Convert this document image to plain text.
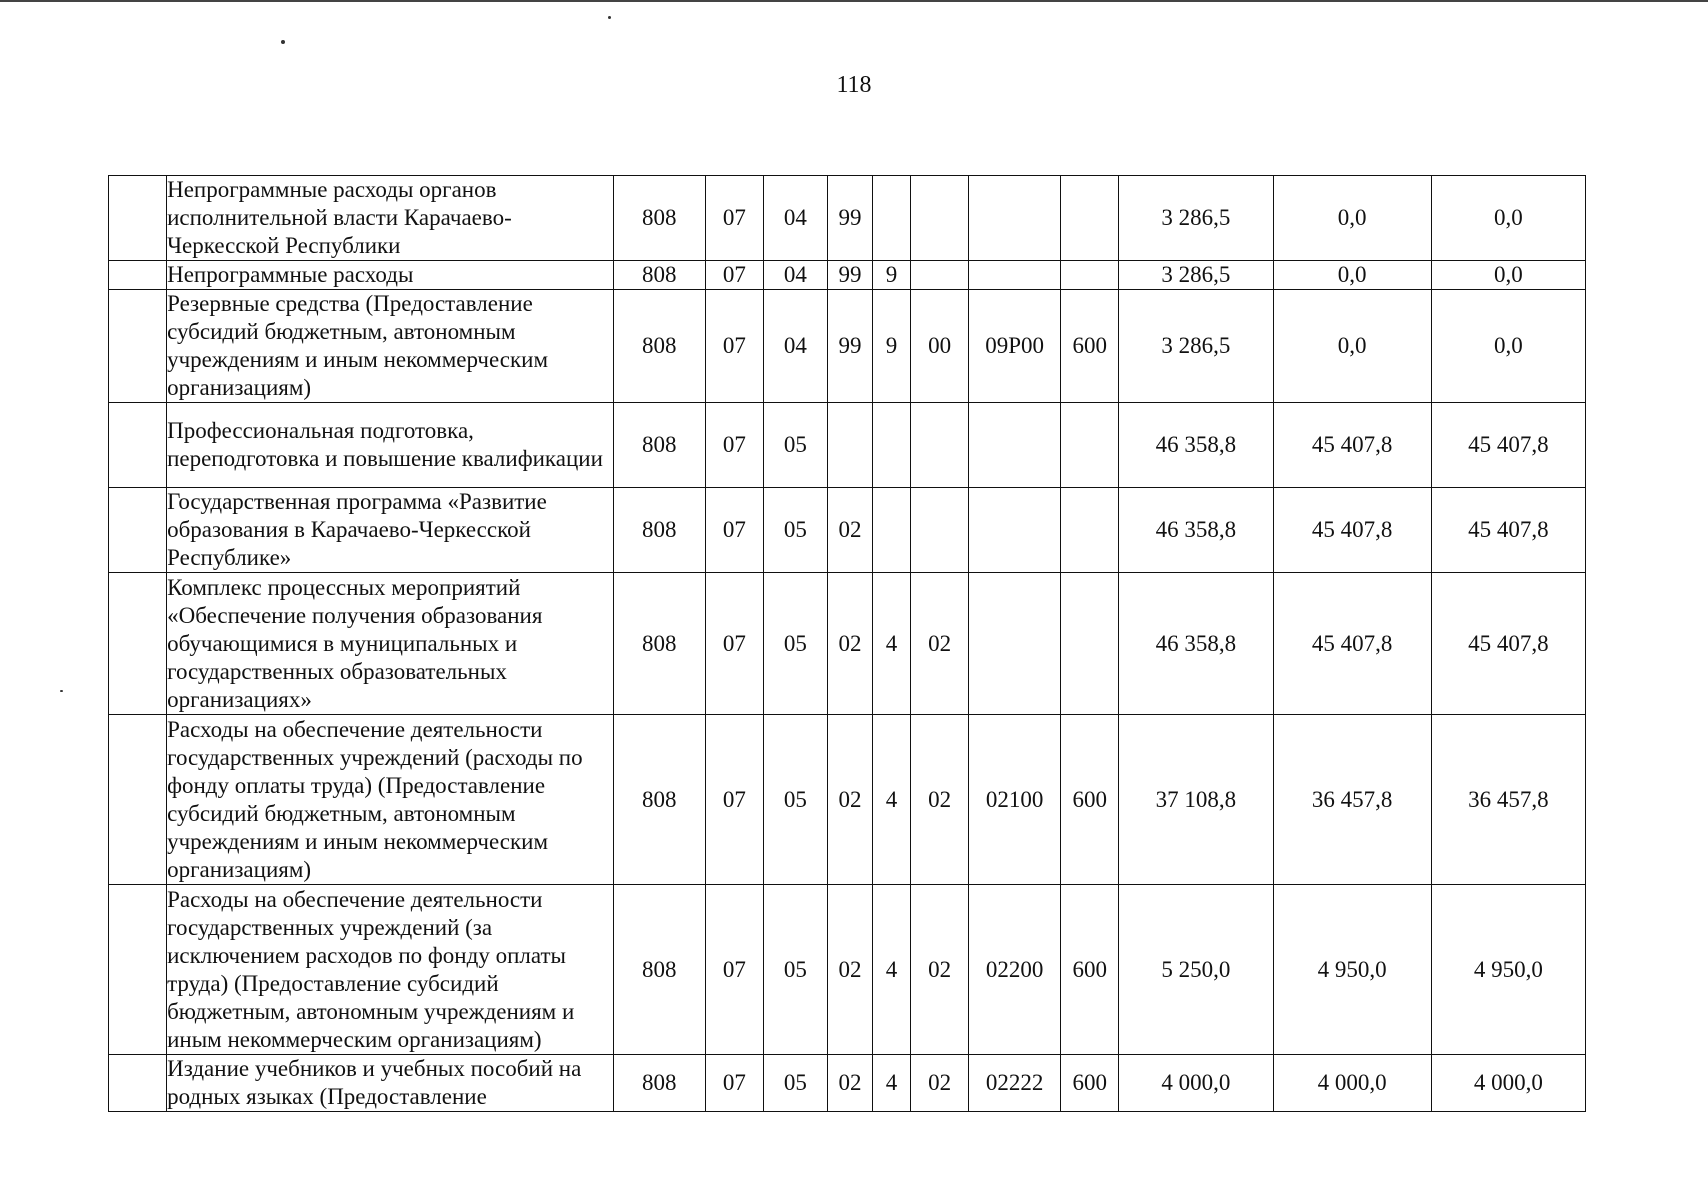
118
	Непрограммные расходы органов исполнительной власти Карачаево-Черкесской Республики	808	07	04	99					3 286,5	0,0	0,0
	Непрограммные расходы	808	07	04	99	9				3 286,5	0,0	0,0
	Резервные средства (Предоставление субсидий бюджетным, автономным учреждениям и иным некоммерческим организациям)	808	07	04	99	9	00	09Р00	600	3 286,5	0,0	0,0
	Профессиональная подготовка, переподготовка и повышение квалификации	808	07	05						46 358,8	45 407,8	45 407,8
	Государственная программа «Развитие образования в Карачаево-Черкесской Республике»	808	07	05	02					46 358,8	45 407,8	45 407,8
	Комплекс процессных мероприятий «Обеспечение получения образования обучающимися в муниципальных и государственных образовательных организациях»	808	07	05	02	4	02			46 358,8	45 407,8	45 407,8
	Расходы на обеспечение деятельности государственных учреждений (расходы по фонду оплаты труда) (Предоставление субсидий бюджетным, автономным учреждениям и иным некоммерческим организациям)	808	07	05	02	4	02	02100	600	37 108,8	36 457,8	36 457,8
	Расходы на обеспечение деятельности государственных учреждений (за исключением расходов по фонду оплаты труда) (Предоставление субсидий бюджетным, автономным учреждениям и иным некоммерческим организациям)	808	07	05	02	4	02	02200	600	5 250,0	4 950,0	4 950,0
	Издание учебников и учебных пособий на родных языках (Предоставление	808	07	05	02	4	02	02222	600	4 000,0	4 000,0	4 000,0
